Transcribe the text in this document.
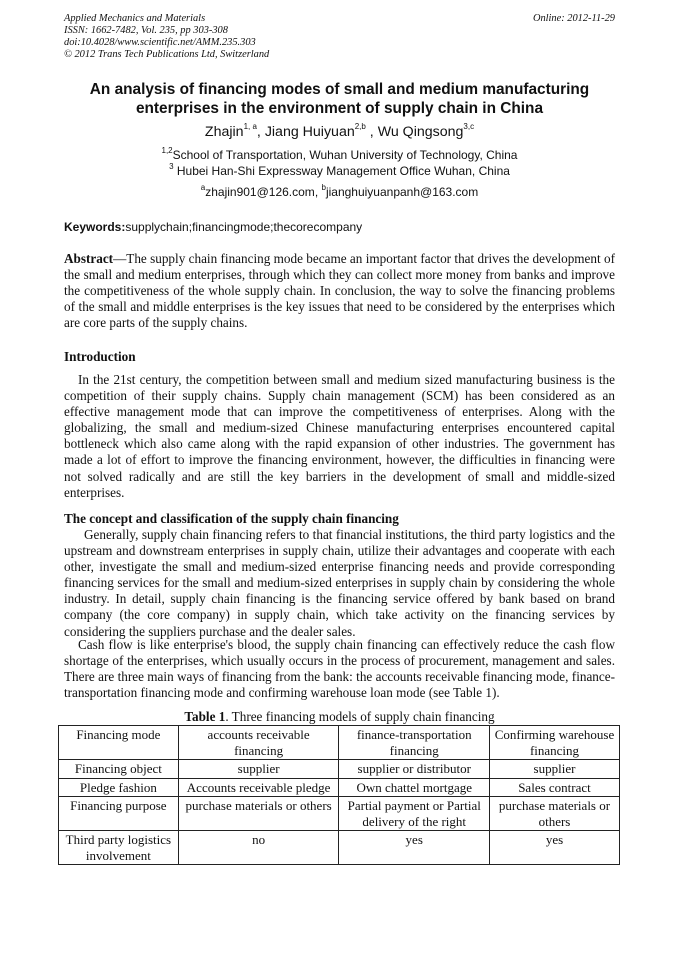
Applied Mechanics and Materials
ISSN: 1662-7482, Vol. 235, pp 303-308
doi:10.4028/www.scientific.net/AMM.235.303
© 2012 Trans Tech Publications Ltd, Switzerland
Online: 2012-11-29
An analysis of financing modes of small and medium manufacturing enterprises in the environment of supply chain in China
Zhajin$^{1, a}$, Jiang Huiyuan$^{2,b}$ , Wu Qingsong$^{3,c}$
$^{1,2}$School of Transportation, Wuhan University of Technology, China
$^3$ Hubei Han-Shi Expressway Management Office Wuhan, China
$^a$zhajin901@126.com, $^b$jianghuiyuanpanh@163.com
Keywords:supplychain;financingmode;thecorecompany

Abstract—The supply chain financing mode became an important factor that drives the development of the small and medium enterprises, through which they can collect more money from banks and improve the competitiveness of the whole supply chain. In conclusion, the way to solve the financing problems of the small and middle enterprises is the key issues that need to be considered by the enterprises which are core parts of the supply chains.

Introduction

In the 21st century, the competition between small and medium sized manufacturing business is the competition of their supply chains. Supply chain management (SCM) has been considered as an effective management mode that can improve the competitiveness of enterprises. Along with the globalizing, the small and medium-sized Chinese manufacturing enterprises encountered capital bottleneck which also came along with the rapid expansion of other industries. The government has made a lot of effort to improve the financing environment, however, the difficulties in financing were not solved radically and are still the key barriers in the development of small and middle-sized enterprises.

The concept and classification of the supply chain financing

Generally, supply chain financing refers to that financial institutions, the third party logistics and the upstream and downstream enterprises in supply chain, utilize their advantages and cooperate with each other, investigate the small and medium-sized enterprise financing needs and provide corresponding financing services for the small and medium-sized enterprises in supply chain by considering the whole industry. In detail, supply chain financing is the financing service offered by bank based on brand company (the core company) in supply chain, which take activity on the financing services by considering the suppliers purchase and the dealer sales.

Cash flow is like enterprise's blood, the supply chain financing can effectively reduce the cash flow shortage of the enterprises, which usually occurs in the process of procurement, management and sales. There are three main ways of financing from the bank: the accounts receivable financing mode, finance-transportation financing mode and confirming warehouse loan mode (see Table 1).

Table 1. Three financing models of supply chain financing
Financing mode	accounts receivable financing	finance-transportation financing	Confirming warehouse financing
Financing object	supplier	supplier or distributor	supplier
Pledge fashion	Accounts receivable pledge	Own chattel mortgage	Sales contract
Financing purpose	purchase materials or others	Partial payment or Partial delivery of the right	purchase materials or others
Third party logistics involvement	no	yes	yes
